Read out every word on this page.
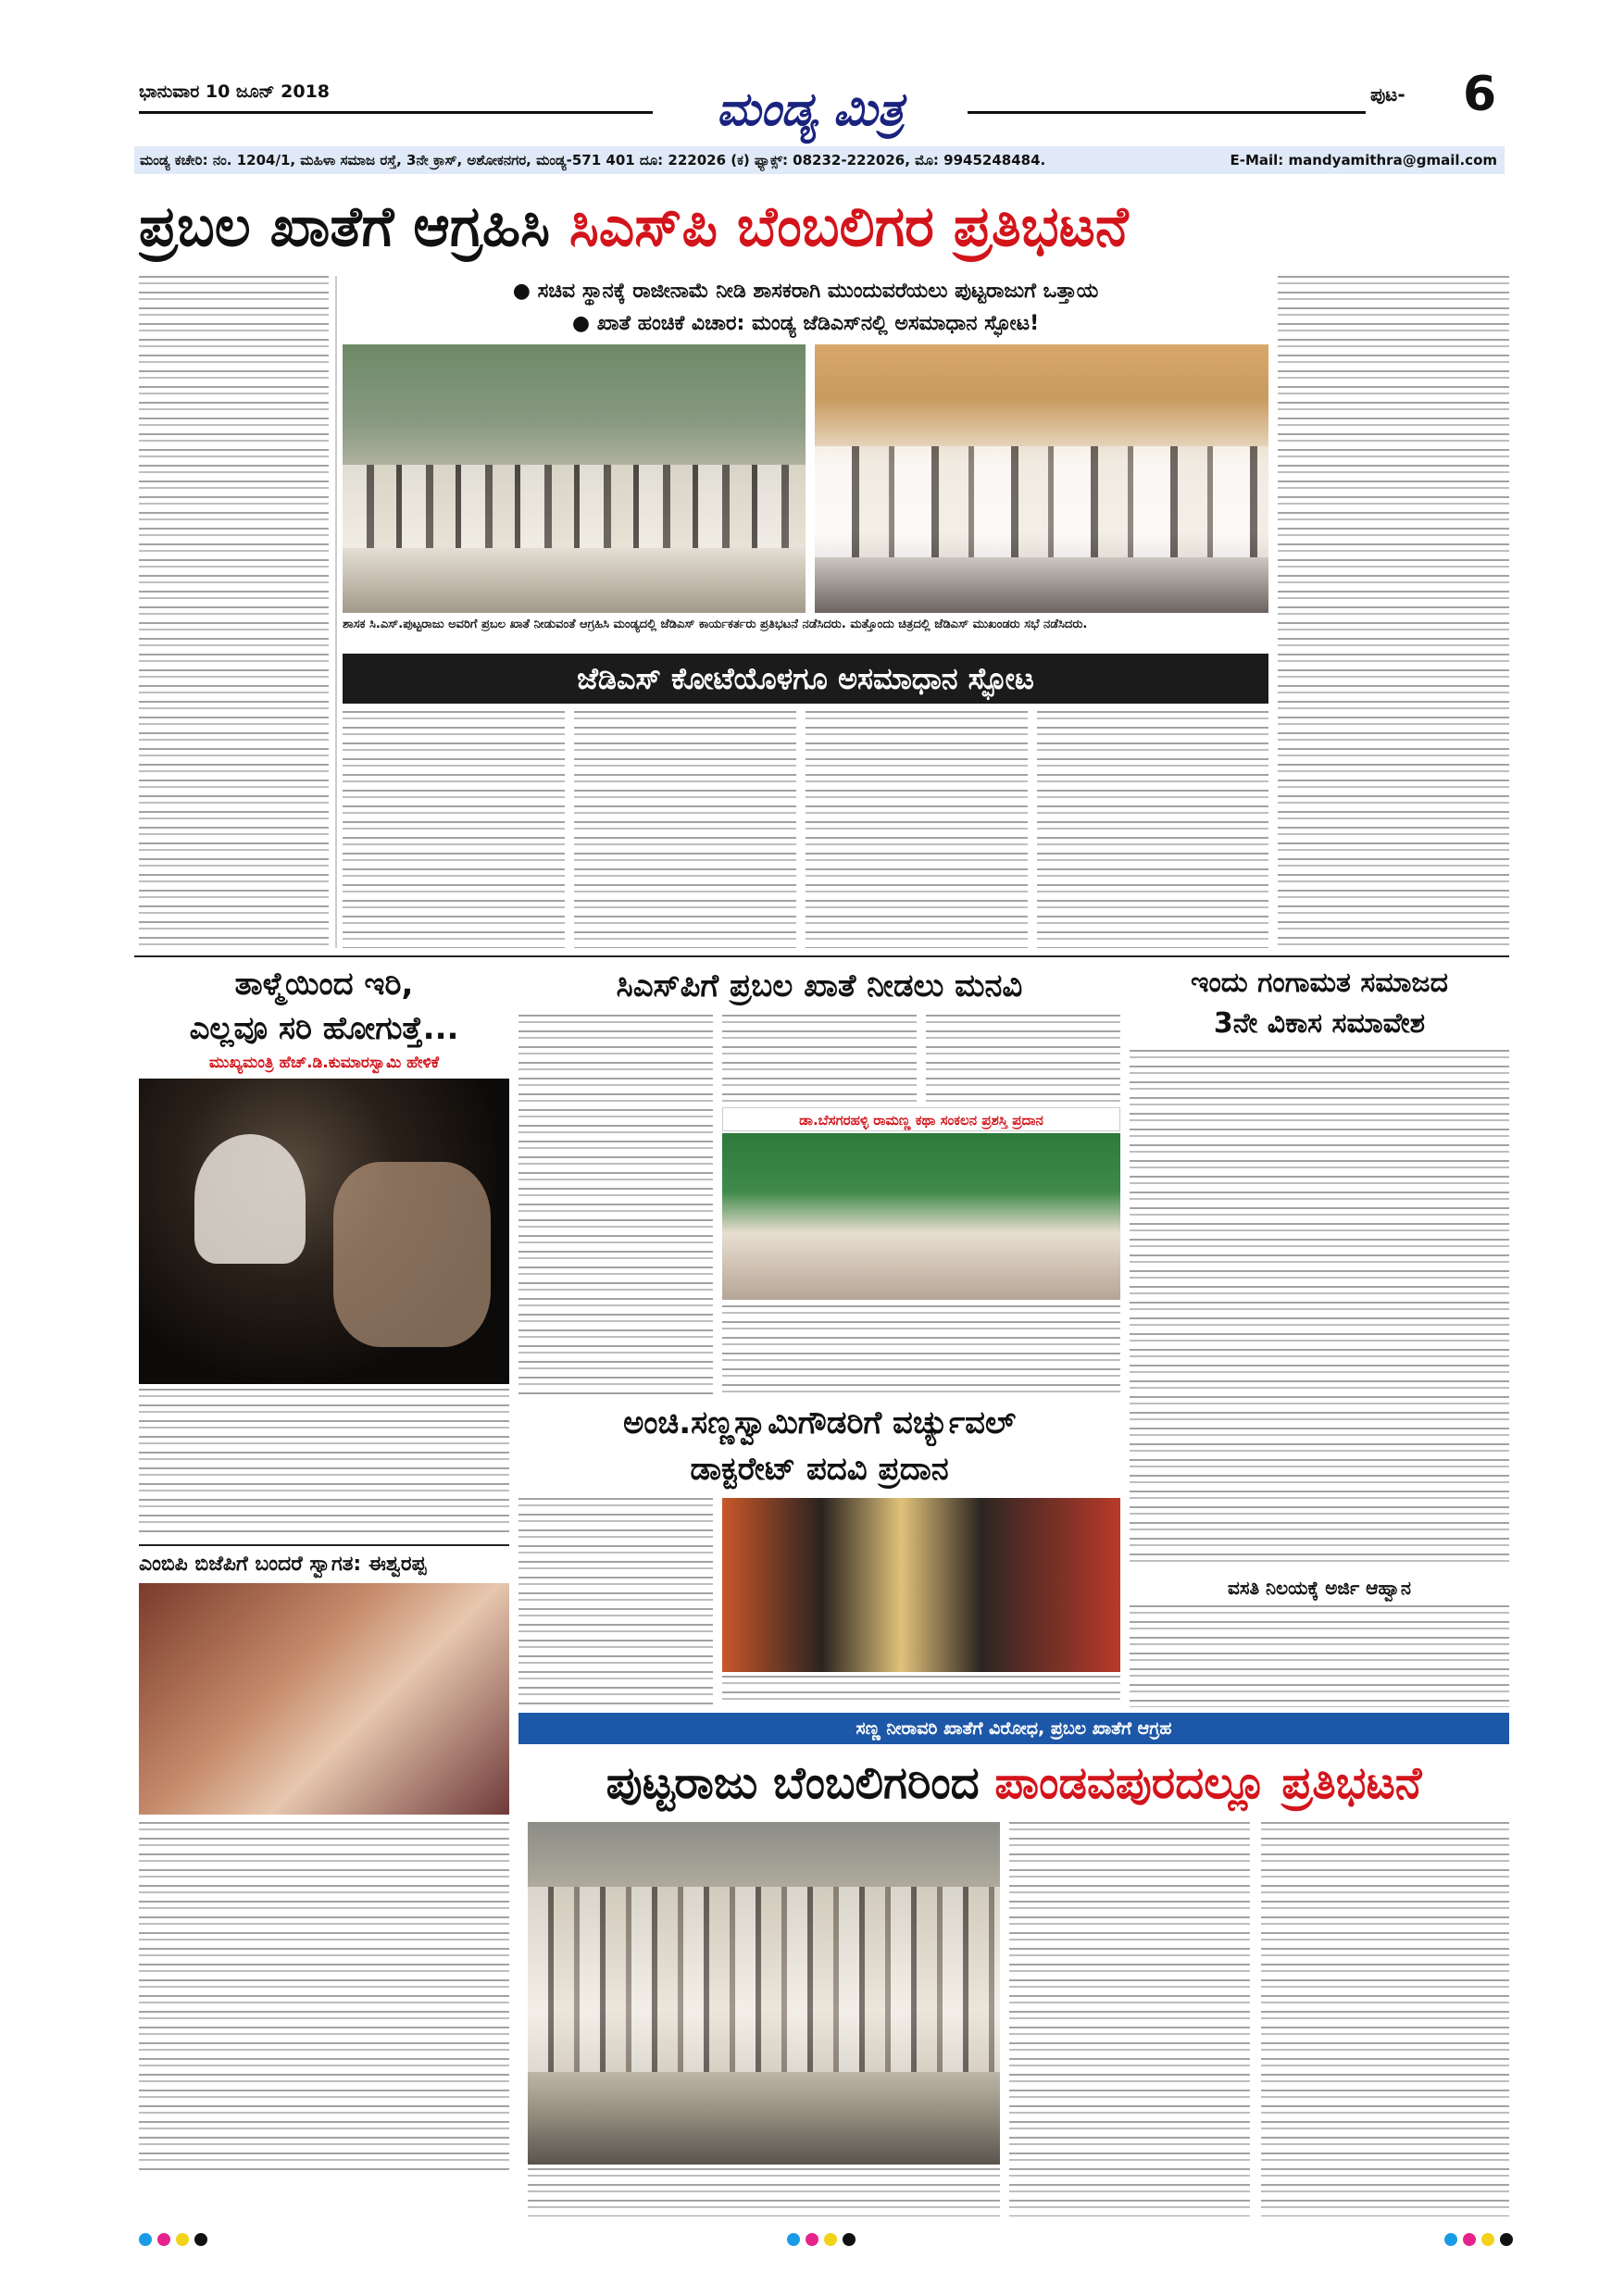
ಭಾನುವಾರ 10 ಜೂನ್ 2018	ಮಂಡ್ಯ ಮಿತ್ರ	ಪುಟ- 6
ಮಂಡ್ಯ ಕಚೇರಿ: ನಂ. 1204/1, ಮಹಿಳಾ ಸಮಾಜ ರಸ್ತೆ, 3ನೇ ಕ್ರಾಸ್, ಅಶೋಕನಗರ, ಮಂಡ್ಯ-571 401 ದೂ: 222026 (ಕ) ಫ್ಯಾಕ್ಸ್: 08232-222026, ಮೊ: 9945248484.	E-Mail: mandyamithra@gmail.com
ಪ್ರಬಲ ಖಾತೆಗೆ ಆಗ್ರಹಿಸಿ ಸಿಎಸ್‌ಪಿ ಬೆಂಬಲಿಗರ ಪ್ರತಿಭಟನೆ
● ಸಚಿವ ಸ್ಥಾನಕ್ಕೆ ರಾಜೀನಾಮೆ ನೀಡಿ ಶಾಸಕರಾಗಿ ಮುಂದುವರೆಯಲು ಪುಟ್ಟರಾಜುಗೆ ಒತ್ತಾಯ
● ಖಾತೆ ಹಂಚಿಕೆ ವಿಚಾರ: ಮಂಡ್ಯ ಜೆಡಿಎಸ್‌ನಲ್ಲಿ ಅಸಮಾಧಾನ ಸ್ಫೋಟ!
ಶಾಸಕ ಸಿ.ಎಸ್.ಪುಟ್ಟರಾಜು ಅವರಿಗೆ ಪ್ರಬಲ ಖಾತೆ ನೀಡುವಂತೆ ಆಗ್ರಹಿಸಿ ಮಂಡ್ಯದಲ್ಲಿ ಜೆಡಿಎಸ್ ಕಾರ್ಯಕರ್ತರು ಪ್ರತಿಭಟನೆ ನಡೆಸಿದರು. ಮತ್ತೊಂದು ಚಿತ್ರದಲ್ಲಿ ಜೆಡಿಎಸ್ ಮುಖಂಡರು ಸಭೆ ನಡೆಸಿದರು.
ಜೆಡಿಎಸ್ ಕೋಟೆಯೊಳಗೂ ಅಸಮಾಧಾನ ಸ್ಫೋಟ
ತಾಳ್ಮೆಯಿಂದ ಇರಿ,
ಎಲ್ಲವೂ ಸರಿ ಹೋಗುತ್ತೆ...
ಮುಖ್ಯಮಂತ್ರಿ ಹೆಚ್.ಡಿ.ಕುಮಾರಸ್ವಾಮಿ ಹೇಳಿಕೆ
ಎಂಬಿಪಿ ಬಿಜೆಪಿಗೆ ಬಂದರೆ ಸ್ವಾಗತ: ಈಶ್ವರಪ್ಪ
ಸಿಎಸ್‌ಪಿಗೆ ಪ್ರಬಲ ಖಾತೆ ನೀಡಲು ಮನವಿ
ಡಾ.ಬೆಸಗರಹಳ್ಳಿ ರಾಮಣ್ಣ ಕಥಾ ಸಂಕಲನ ಪ್ರಶಸ್ತಿ ಪ್ರದಾನ
ಇಂದು ಗಂಗಾಮತ ಸಮಾಜದ
3ನೇ ವಿಕಾಸ ಸಮಾವೇಶ
ವಸತಿ ನಿಲಯಕ್ಕೆ ಅರ್ಜಿ ಆಹ್ವಾನ
ಅಂಚಿ.ಸಣ್ಣಸ್ವಾಮಿಗೌಡರಿಗೆ ವರ್ಚ್ಯುವಲ್
ಡಾಕ್ಟರೇಟ್ ಪದವಿ ಪ್ರದಾನ
ಸಣ್ಣ ನೀರಾವರಿ ಖಾತೆಗೆ ವಿರೋಧ, ಪ್ರಬಲ ಖಾತೆಗೆ ಆಗ್ರಹ
ಪುಟ್ಟರಾಜು ಬೆಂಬಲಿಗರಿಂದ ಪಾಂಡವಪುರದಲ್ಲೂ ಪ್ರತಿಭಟನೆ
